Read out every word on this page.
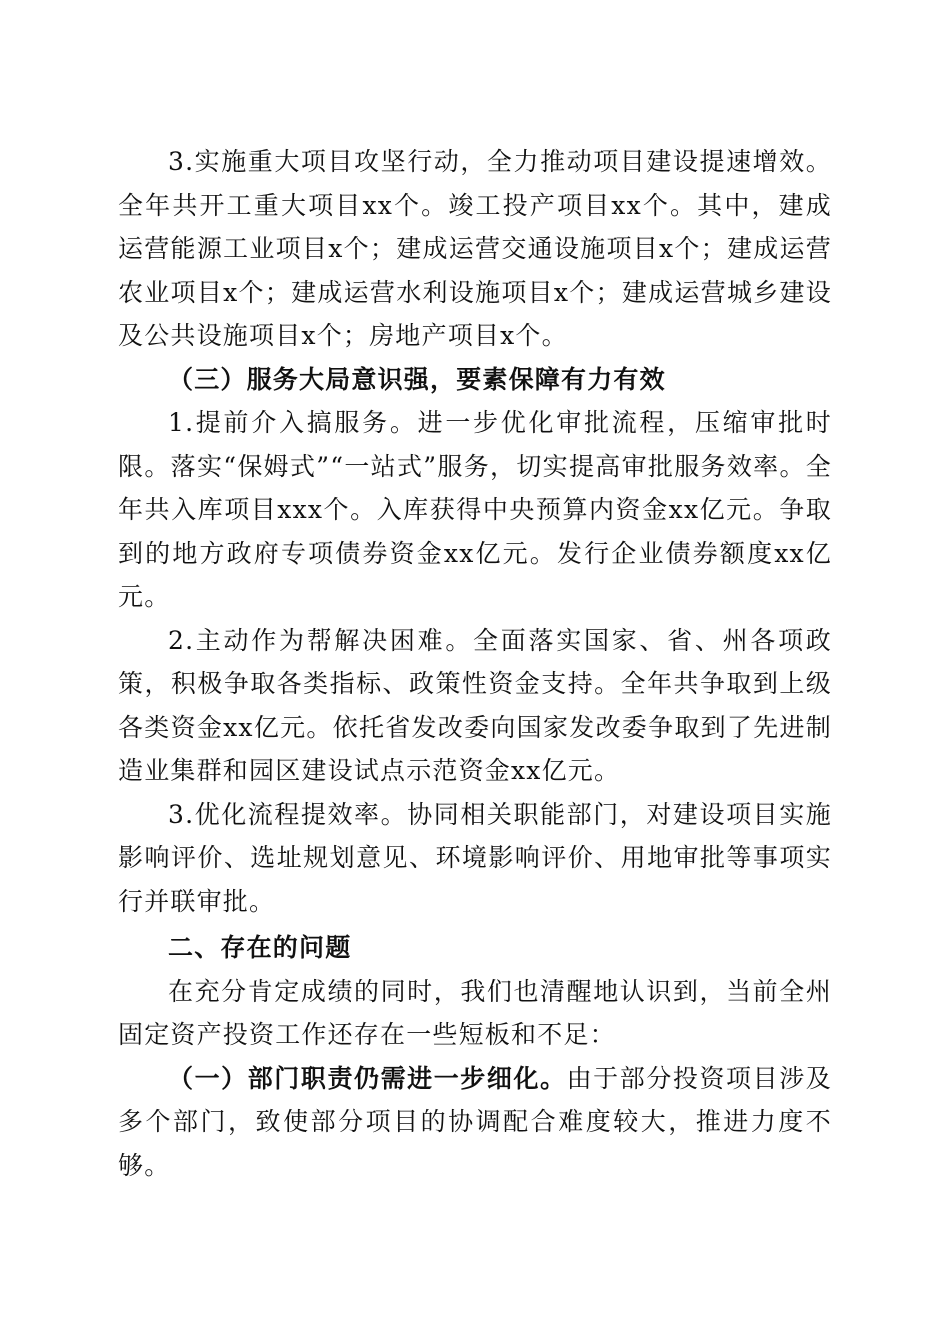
3.实施重大项目攻坚行动，全力推动项目建设提速增效。全年共开工重大项目xx个。竣工投产项目xx个。其中，建成运营能源工业项目x个；建成运营交通设施项目x个；建成运营农业项目x个；建成运营水利设施项目x个；建成运营城乡建设及公共设施项目x个；房地产项目x个。

（三）服务大局意识强，要素保障有力有效

1.提前介入搞服务。进一步优化审批流程，压缩审批时限。落实“保姆式”“一站式”服务，切实提高审批服务效率。全年共入库项目xxx个。入库获得中央预算内资金xx亿元。争取到的地方政府专项债券资金xx亿元。发行企业债券额度xx亿元。

2.主动作为帮解决困难。全面落实国家、省、州各项政策，积极争取各类指标、政策性资金支持。全年共争取到上级各类资金xx亿元。依托省发改委向国家发改委争取到了先进制造业集群和园区建设试点示范资金xx亿元。

3.优化流程提效率。协同相关职能部门，对建设项目实施影响评价、选址规划意见、环境影响评价、用地审批等事项实行并联审批。

二、存在的问题

在充分肯定成绩的同时，我们也清醒地认识到，当前全州固定资产投资工作还存在一些短板和不足：

（一）部门职责仍需进一步细化。由于部分投资项目涉及多个部门，致使部分项目的协调配合难度较大，推进力度不够。
